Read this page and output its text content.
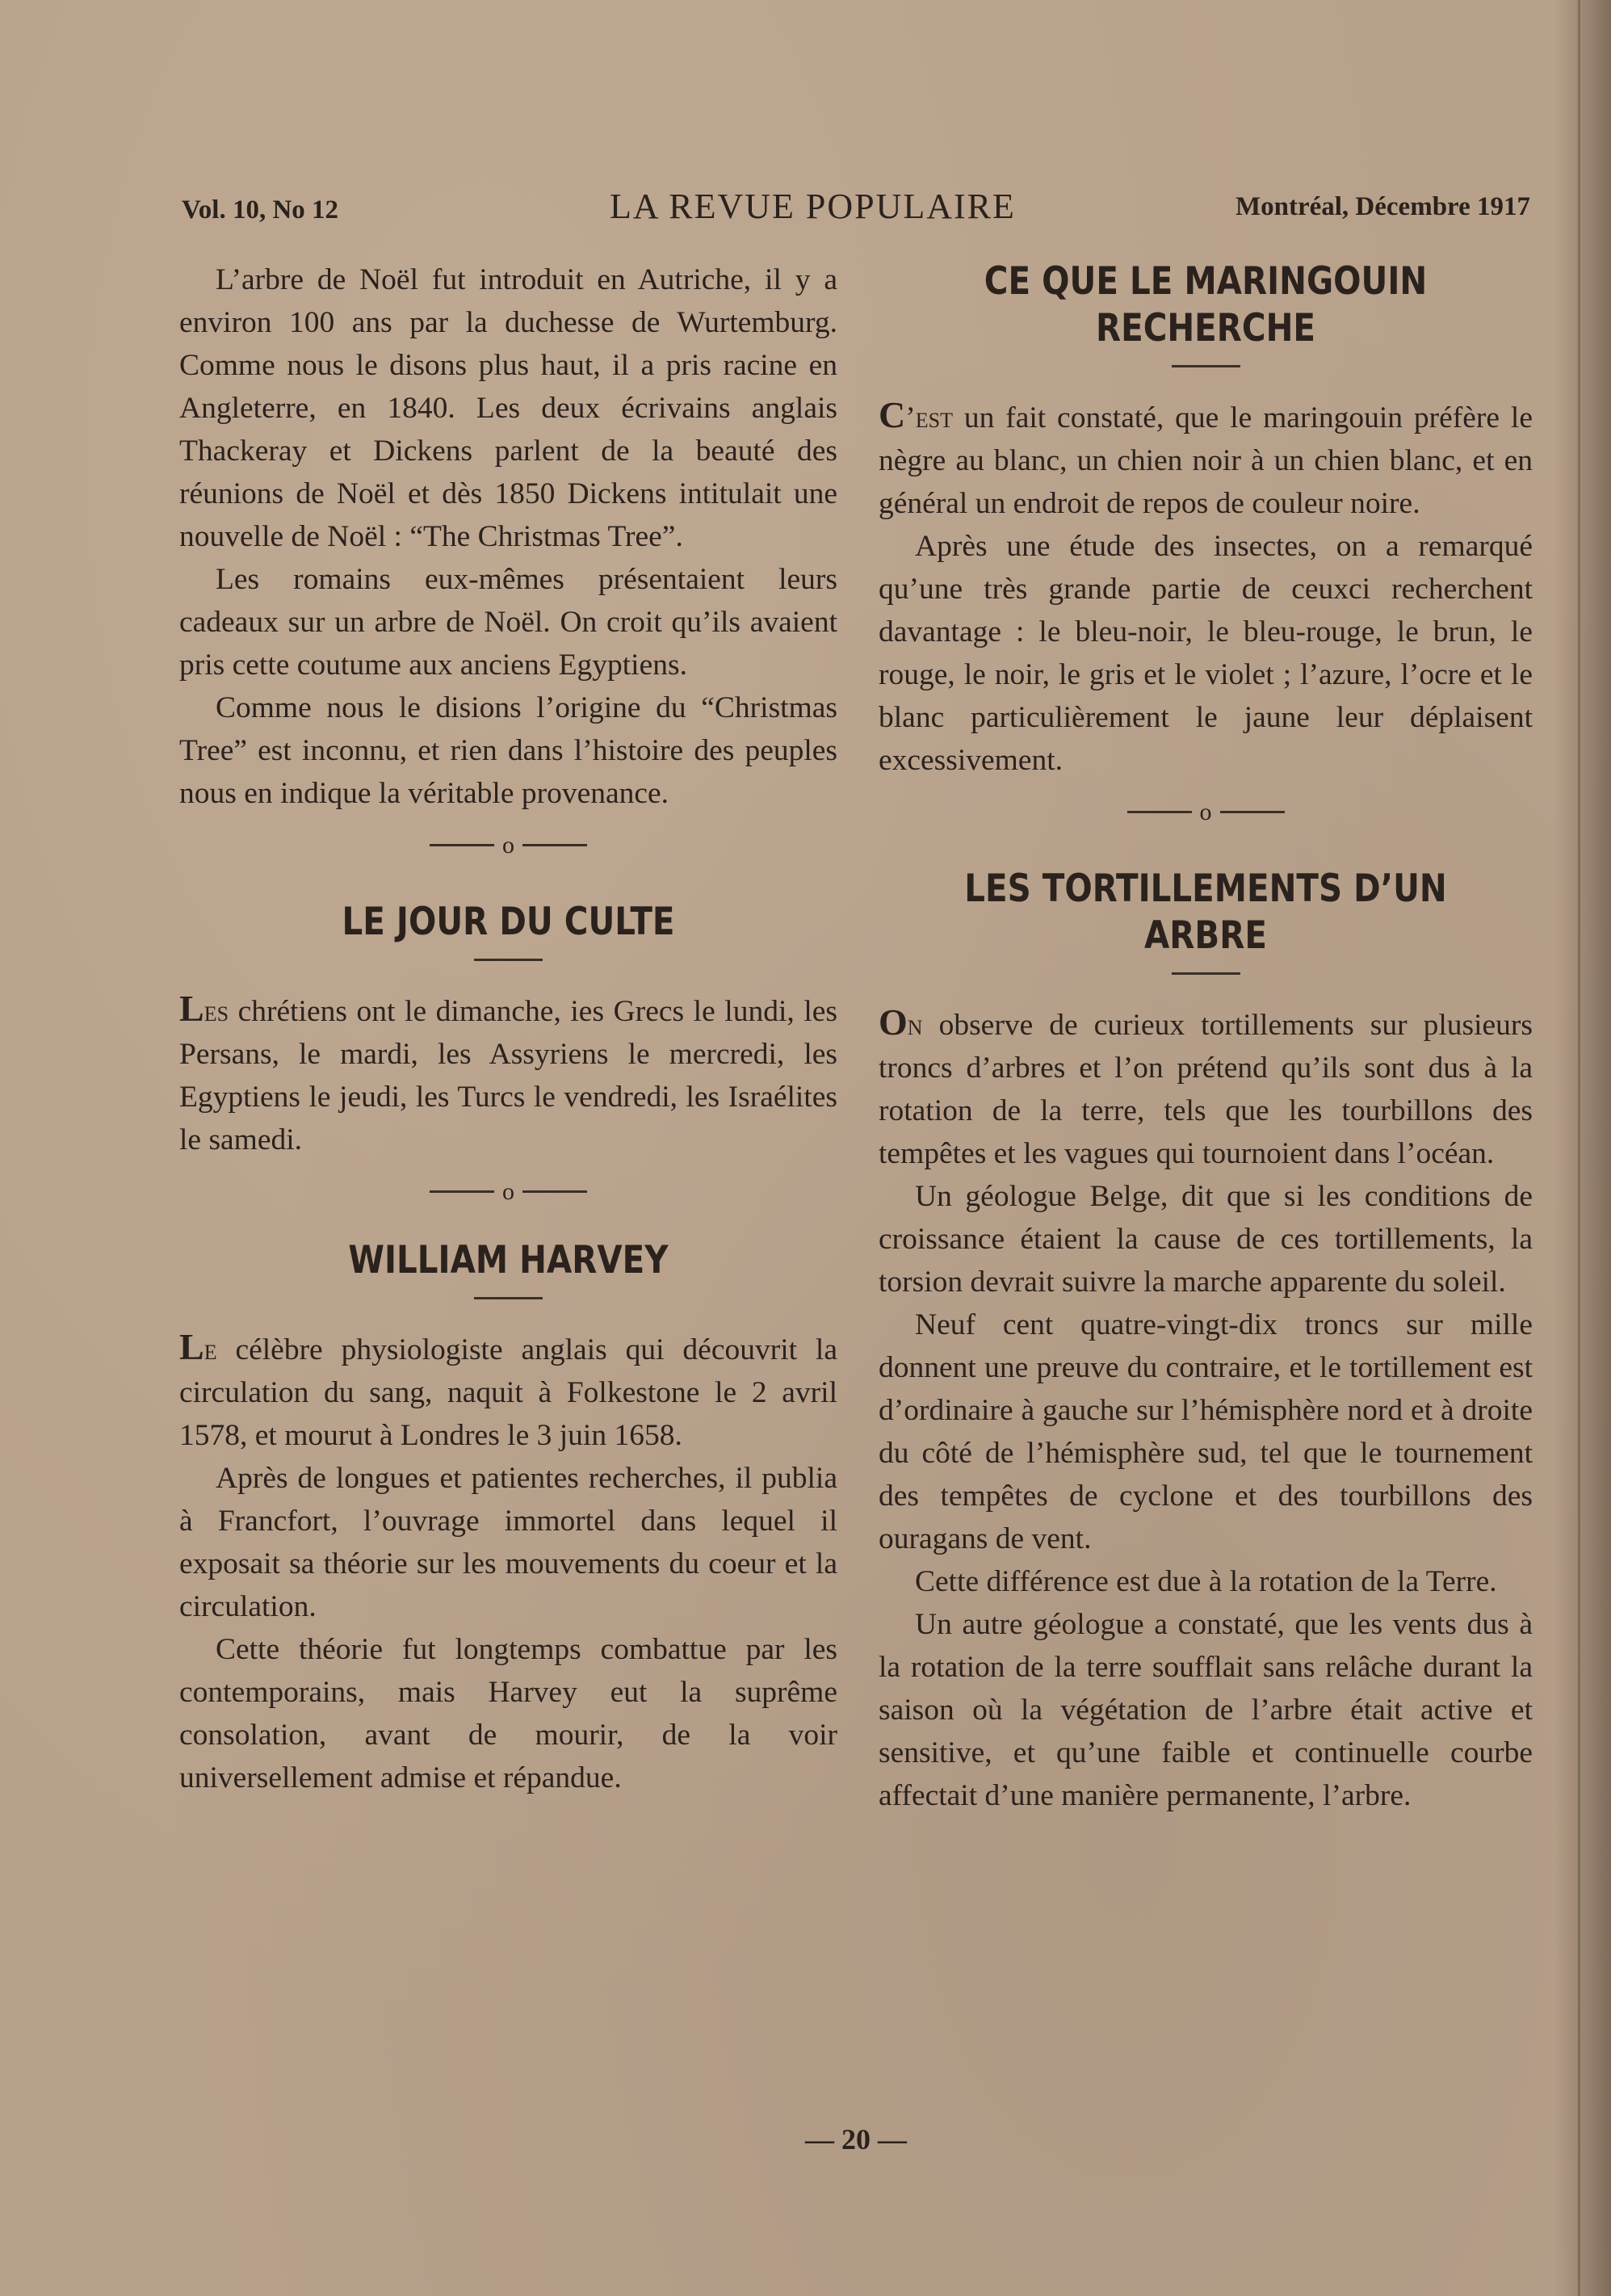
Vol. 10, No 12	LA REVUE POPULAIRE	Montréal, Décembre 1917

L’arbre de Noël fut introduit en Autriche, il y a environ 100 ans par la duchesse de Wurtemburg. Comme nous le disons plus haut, il a pris racine en Angleterre, en 1840. Les deux écrivains anglais Thackeray et Dickens parlent de la beauté des réunions de Noël et dès 1850 Dickens intitulait une nouvelle de Noël : “The Christmas Tree”.

Les romains eux-mêmes présentaient leurs cadeaux sur un arbre de Noël. On croit qu’ils avaient pris cette coutume aux anciens Egyptiens.

Comme nous le disions l’origine du “Christmas Tree” est inconnu, et rien dans l’histoire des peuples nous en indique la véritable provenance.

o
LE JOUR DU CULTE

Les chrétiens ont le dimanche, ies Grecs le lundi, les Persans, le mardi, les Assyriens le mercredi, les Egyptiens le jeudi, les Turcs le vendredi, les Israélites le samedi.

o
WILLIAM HARVEY

Le célèbre physiologiste anglais qui découvrit la circulation du sang, naquit à Folkestone le 2 avril 1578, et mourut à Londres le 3 juin 1658.

Après de longues et patientes recherches, il publia à Francfort, l’ouvrage immortel dans lequel il exposait sa théorie sur les mouvements du coeur et la circulation.

Cette théorie fut longtemps combattue par les contemporains, mais Harvey eut la suprême consolation, avant de mourir, de la voir universellement admise et répandue.

CE QUE LE MARINGOUIN RECHERCHE

C’est un fait constaté, que le maringouin préfère le nègre au blanc, un chien noir à un chien blanc, et en général un endroit de repos de couleur noire.

Après une étude des insectes, on a remarqué qu’une très grande partie de ceuxci recherchent davantage : le bleu-noir, le bleu-rouge, le brun, le rouge, le noir, le gris et le violet ; l’azure, l’ocre et le blanc particulièrement le jaune leur déplaisent excessivement.

o
LES TORTILLEMENTS D’UN ARBRE

On observe de curieux tortillements sur plusieurs troncs d’arbres et l’on prétend qu’ils sont dus à la rotation de la terre, tels que les tourbillons des tempêtes et les vagues qui tournoient dans l’océan.

Un géologue Belge, dit que si les conditions de croissance étaient la cause de ces tortillements, la torsion devrait suivre la marche apparente du soleil.

Neuf cent quatre-vingt-dix troncs sur mille donnent une preuve du contraire, et le tortillement est d’ordinaire à gauche sur l’hémisphère nord et à droite du côté de l’hémisphère sud, tel que le tournement des tempêtes de cyclone et des tourbillons des ouragans de vent.

Cette différence est due à la rotation de la Terre.

Un autre géologue a constaté, que les vents dus à la rotation de la terre soufflait sans relâche durant la saison où la végétation de l’arbre était active et sensitive, et qu’une faible et continuelle courbe affectait d’une manière permanente, l’arbre.

— 20 —
